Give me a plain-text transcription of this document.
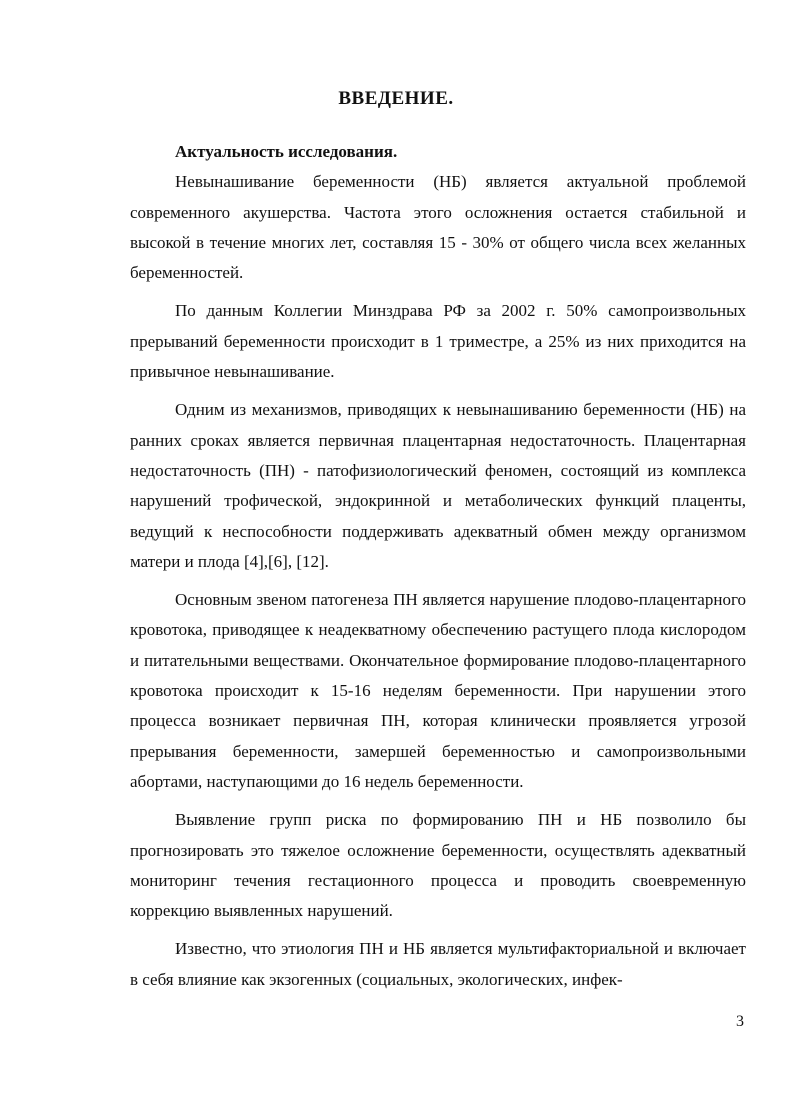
ВВЕДЕНИЕ.

Актуальность исследования.

Невынашивание беременности (НБ) является актуальной проблемой современного акушерства. Частота этого осложнения остается стабильной и высокой в течение многих лет, составляя 15 - 30% от общего числа всех желанных беременностей.

По данным Коллегии Минздрава РФ за 2002 г. 50% самопроизвольных прерываний беременности происходит в 1 триместре, а 25% из них приходится на привычное невынашивание.

Одним из механизмов, приводящих к невынашиванию беременности (НБ) на ранних сроках является первичная плацентарная недостаточность. Плацентарная недостаточность (ПН) - патофизиологический феномен, состоящий из комплекса нарушений трофической, эндокринной и метаболических функций плаценты, ведущий к неспособности поддерживать адекватный обмен между организмом матери и плода [4],[6], [12].

Основным звеном патогенеза ПН является нарушение плодово-плацентарного кровотока, приводящее к неадекватному обеспечению растущего плода кислородом и питательными веществами. Окончательное формирование плодово-плацентарного кровотока происходит к 15-16 неделям беременности. При нарушении этого процесса возникает первичная ПН, которая клинически проявляется угрозой прерывания беременности, замершей беременностью и самопроизвольными абортами, наступающими до 16 недель беременности.

Выявление групп риска по формированию ПН и НБ позволило бы прогнозировать это тяжелое осложнение беременности, осуществлять адекватный мониторинг течения гестационного процесса и проводить своевременную коррекцию выявленных нарушений.

Известно, что этиология ПН и НБ является мультифакториальной и включает в себя влияние как экзогенных (социальных, экологических, инфек-

3
